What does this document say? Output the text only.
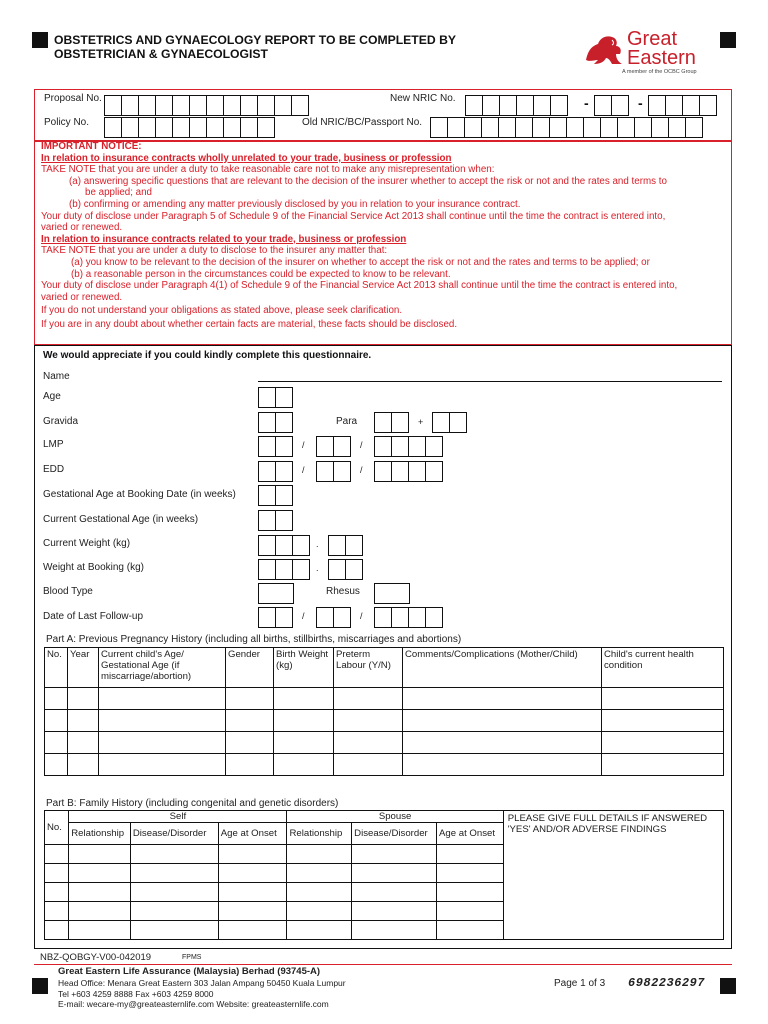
OBSTETRICS AND GYNAECOLOGY REPORT TO BE COMPLETED BY
OBSTETRICIAN & GYNAECOLOGIST
Great
Eastern
A member of the OCBC Group
Proposal No.
Policy No.
New NRIC No.	-	-
Old NRIC/BC/Passport No.
IMPORTANT NOTICE:
In relation to insurance contracts wholly unrelated to your trade, business or profession
TAKE NOTE that you are under a duty to take reasonable care not to make any misrepresentation when:
(a) answering specific questions that are relevant to the decision of the insurer whether to accept the risk or not and the rates and terms to
be applied; and
(b) confirming or amending any matter previously disclosed by you in relation to your insurance contract.
Your duty of disclose under Paragraph 5 of Schedule 9 of the Financial Service Act 2013 shall continue until the time the contract is entered into,
varied or renewed.
In relation to insurance contracts related to your trade, business or profession
TAKE NOTE that you are under a duty to disclose to the insurer any matter that:
(a) you know to be relevant to the decision of the insurer on whether to accept the risk or not and the rates and terms to be applied; or
(b) a reasonable person in the circumstances could be expected to know to be relevant.
Your duty of disclose under Paragraph 4(1) of Schedule 9 of the Financial Service Act 2013 shall continue until the time the contract is entered into,
varied or renewed.
If you do not understand your obligations as stated above, please seek clarification.
If you are in any doubt about whether certain facts are material, these facts should be disclosed.
We would appreciate if you could kindly complete this questionnaire.
Name
Age
Gravida	Para	+
LMP	/	/
EDD	/	/
Gestational Age at Booking Date (in weeks)
Current Gestational Age (in weeks)
Current Weight (kg)	.
Weight at Booking (kg)	.
Blood Type	Rhesus
Date of Last Follow-up	/	/
Part A: Previous Pregnancy History (including all births, stillbirths, miscarriages and abortions)
No.	Year	Current child's Age/ Gestational Age (if miscarriage/abortion)	Gender	Birth Weight (kg)	Preterm Labour (Y/N)	Comments/Complications (Mother/Child)	Child's current health condition

Part B: Family History (including congenital and genetic disorders)
No.	Self			Spouse			PLEASE GIVE FULL DETAILS IF ANSWERED 'YES' AND/OR ADVERSE FINDINGS
	Relationship	Disease/Disorder	Age at Onset	Relationship	Disease/Disorder	Age at Onset	

NBZ-QOBGY-V00-042019	FPMS
Great Eastern Life Assurance (Malaysia) Berhad (93745-A)
Head Office: Menara Great Eastern 303 Jalan Ampang 50450 Kuala Lumpur
Tel +603 4259 8888 Fax +603 4259 8000
E-mail: wecare-my@greateasternlife.com Website: greateasternlife.com
Page 1 of 3 6982236297
